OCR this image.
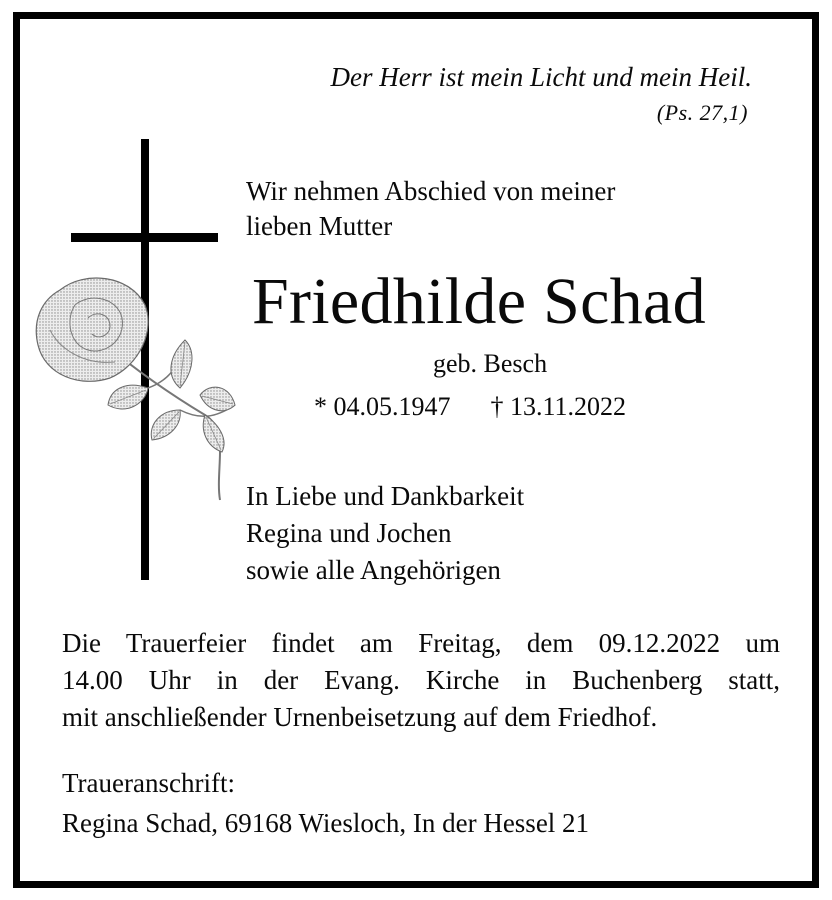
Der Herr ist mein Licht und mein Heil.
(Ps. 27,1)
Wir nehmen Abschied von meiner
lieben Mutter
Friedhilde Schad
geb. Besch
* 04.05.1947 † 13.11.2022
In Liebe und Dankbarkeit
Regina und Jochen
sowie alle Angehörigen
Die Trauerfeier findet am Freitag, dem 09.12.2022 um
14.00 Uhr in der Evang. Kirche in Buchenberg statt,
mit anschließender Urnenbeisetzung auf dem Friedhof.
Traueranschrift:
Regina Schad, 69168 Wiesloch, In der Hessel 21
